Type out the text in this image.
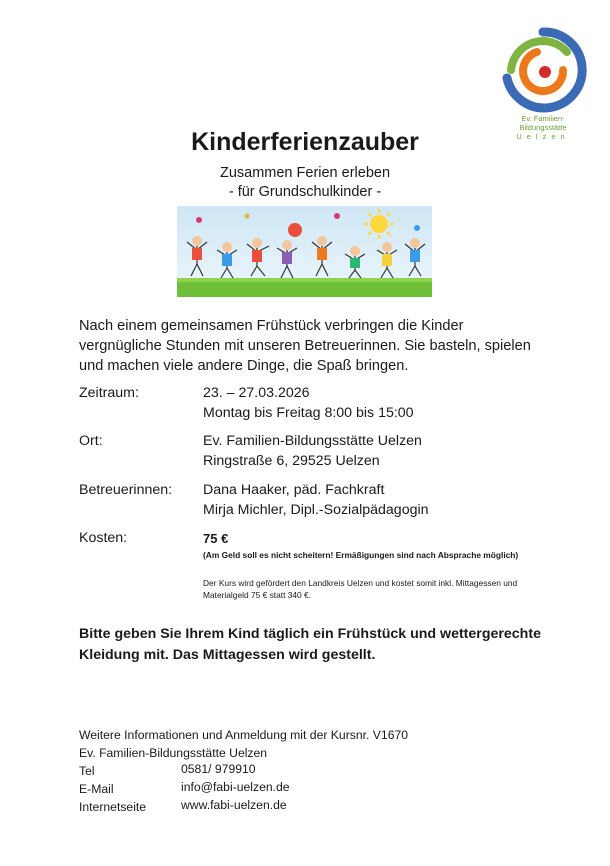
Ev. Familien-
Bildungsstätte
Uelzen
Kinderferienzauber
Zusammen Ferien erleben
- für Grundschulkinder -
Nach einem gemeinsamen Frühstück verbringen die Kinder vergnügliche Stunden mit unseren Betreuerinnen. Sie basteln, spielen und machen viele andere Dinge, die Spaß bringen.
Zeitraum:	23. – 27.03.2026
Montag bis Freitag 8:00 bis 15:00
Ort:	Ev. Familien-Bildungsstätte Uelzen
Ringstraße 6, 29525 Uelzen
Betreuerinnen: Dana Haaker, päd. Fachkraft
Mirja Michler, Dipl.-Sozialpädagogin
Kosten:	75 €
(Am Geld soll es nicht scheitern! Ermäßigungen sind nach Absprache möglich)
Der Kurs wird gefördert den Landkreis Uelzen und kostet somit inkl. Mittagessen und Materialgeld 75 € statt 340 €.
Bitte geben Sie Ihrem Kind täglich ein Frühstück und wettergerechte Kleidung mit. Das Mittagessen wird gestellt.
Weitere Informationen und Anmeldung mit der Kursnr. V1670
Ev. Familien-Bildungsstätte Uelzen
Tel	0581/ 979910
E-Mail	info@fabi-uelzen.de
Internetseite	www.fabi-uelzen.de
